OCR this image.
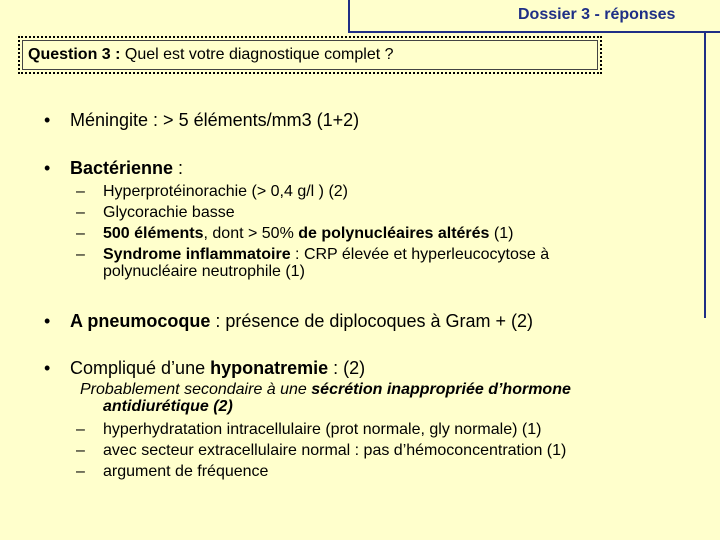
Dossier 3 - réponses
Question 3 : Quel est votre diagnostique complet ?
• Méningite : > 5 éléments/mm3 (1+2)
• Bactérienne :
– Hyperprotéinorachie (> 0,4 g/l ) (2)
– Glycorachie basse
– 500 éléments, dont > 50% de polynucléaires altérés (1)
– Syndrome inflammatoire : CRP élevée et hyperleucocytose à
polynucléaire neutrophile (1)
• A pneumocoque : présence de diplocoques à Gram + (2)
• Compliqué d’une hyponatremie : (2)
Probablement secondaire à une sécrétion inappropriée d’hormone
antidiurétique (2)
– hyperhydratation intracellulaire (prot normale, gly normale) (1)
– avec secteur extracellulaire normal : pas d’hémoconcentration (1)
– argument de fréquence
